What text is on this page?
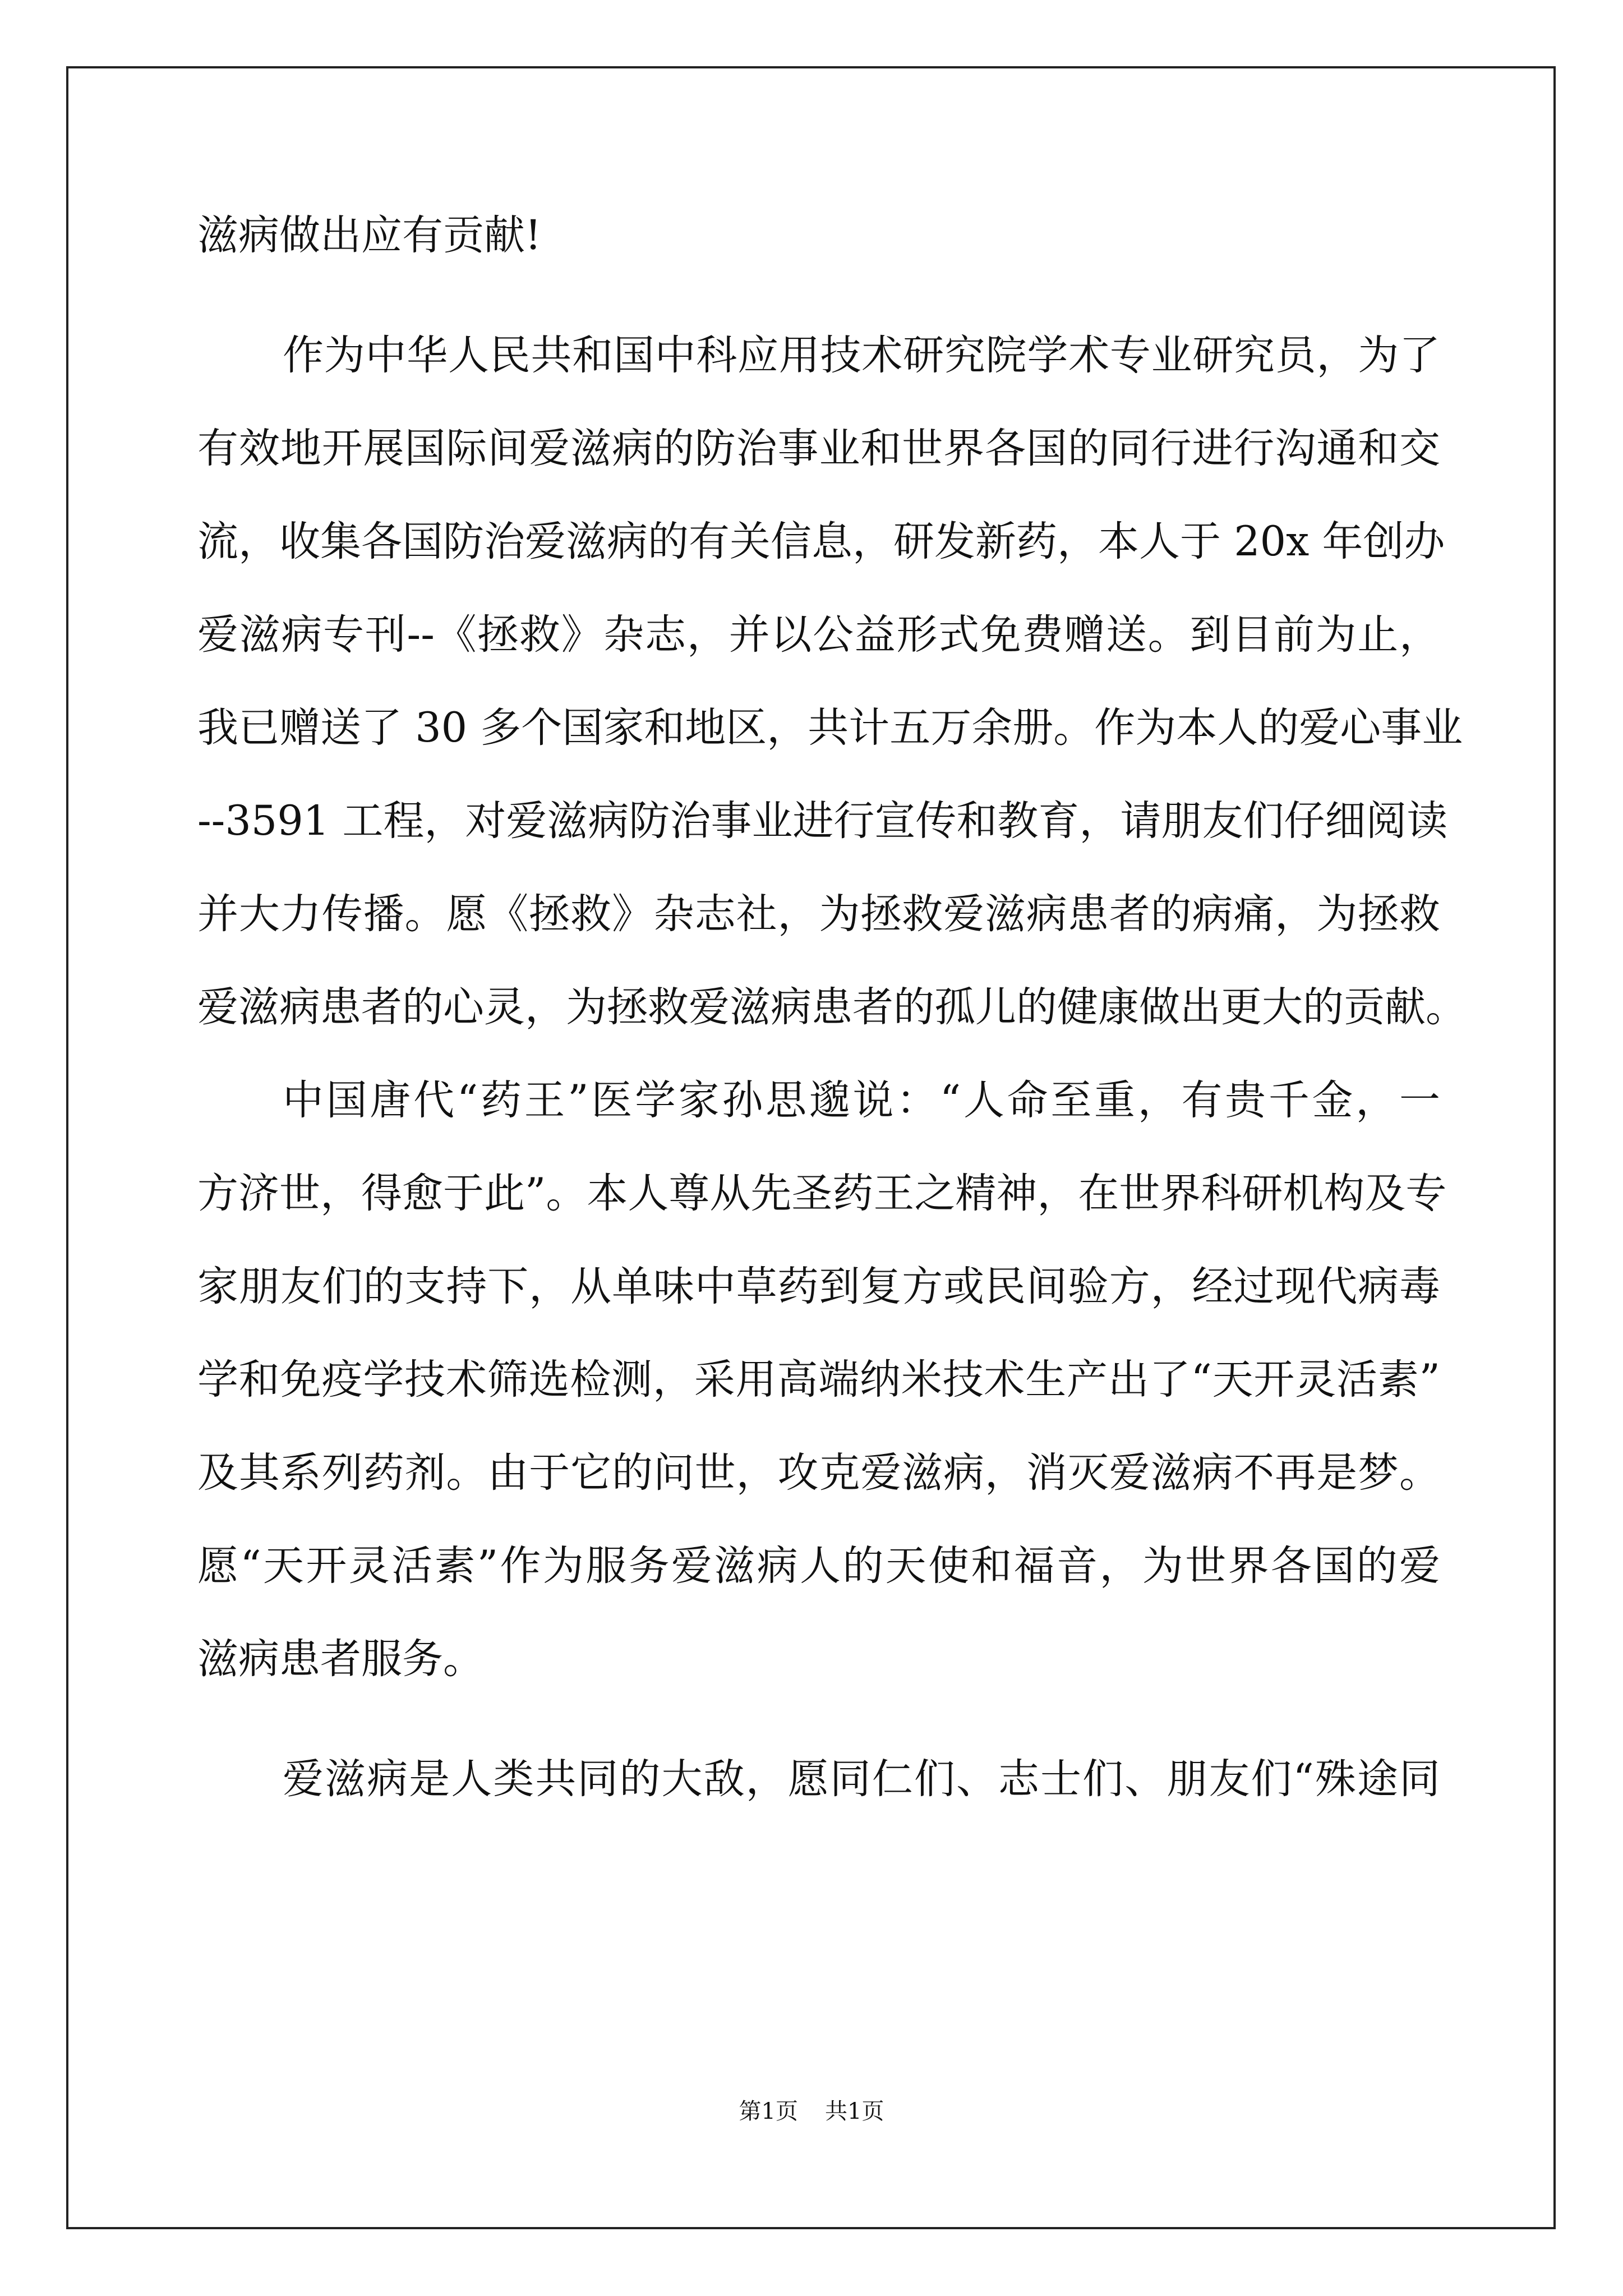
滋病做出应有贡献!
作为中华人民共和国中科应用技术研究院学术专业研究员，为了
有效地开展国际间爱滋病的防治事业和世界各国的同行进行沟通和交
流，收集各国防治爱滋病的有关信息，研发新药，本人于 20x 年创办
爱滋病专刊--《拯救》杂志，并以公益形式免费赠送。到目前为止，
我已赠送了 30 多个国家和地区，共计五万余册。作为本人的爱心事业
--3591 工程，对爱滋病防治事业进行宣传和教育，请朋友们仔细阅读
并大力传播。愿《拯救》杂志社，为拯救爱滋病患者的病痛，为拯救
爱滋病患者的心灵，为拯救爱滋病患者的孤儿的健康做出更大的贡献。
中国唐代“药王”医学家孙思邈说：“人命至重，有贵千金，一
方济世，得愈于此”。本人尊从先圣药王之精神，在世界科研机构及专
家朋友们的支持下，从单味中草药到复方或民间验方，经过现代病毒
学和免疫学技术筛选检测，采用高端纳米技术生产出了“天开灵活素”
及其系列药剂。由于它的问世，攻克爱滋病，消灭爱滋病不再是梦。
愿“天开灵活素”作为服务爱滋病人的天使和福音，为世界各国的爱
滋病患者服务。
爱滋病是人类共同的大敌，愿同仁们、志士们、朋友们“殊途同
第1页 共1页
